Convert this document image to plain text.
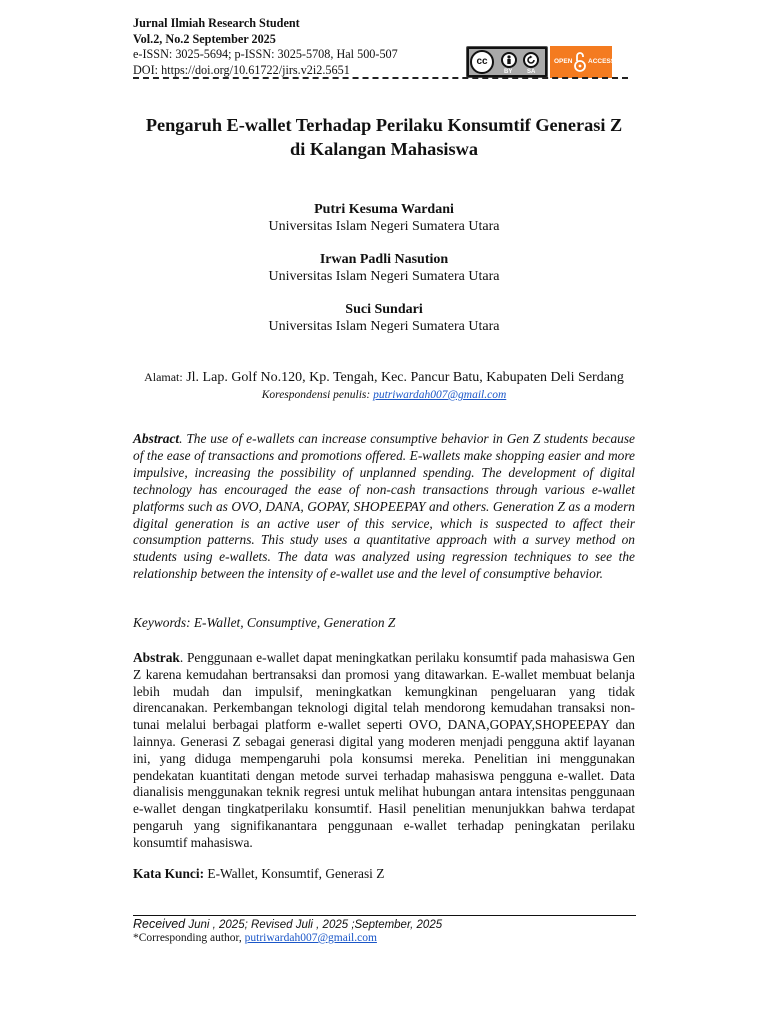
Jurnal Ilmiah Research Student
Vol.2, No.2 September 2025
e-ISSN: 3025-5694; p-ISSN: 3025-5708, Hal 500-507
DOI: https://doi.org/10.61722/jirs.v2i2.5651
cc
BY SA
OPEN ACCESS
Pengaruh E-wallet Terhadap Perilaku Konsumtif Generasi Z
di Kalangan Mahasiswa
Putri Kesuma Wardani
Universitas Islam Negeri Sumatera Utara
Irwan Padli Nasution
Universitas Islam Negeri Sumatera Utara
Suci Sundari
Universitas Islam Negeri Sumatera Utara
Alamat: Jl. Lap. Golf No.120, Kp. Tengah, Kec. Pancur Batu, Kabupaten Deli Serdang
Korespondensi penulis: putriwardah007@gmail.com
Abstract. The use of e-wallets can increase consumptive behavior in Gen Z students because of the ease of transactions and promotions offered. E-wallets make shopping easier and more impulsive, increasing the possibility of unplanned spending. The development of digital technology has encouraged the ease of non-cash transactions through various e-wallet platforms such as OVO, DANA, GOPAY, SHOPEEPAY and others. Generation Z as a modern digital generation is an active user of this service, which is suspected to affect their consumption patterns. This study uses a quantitative approach with a survey method on students using e-wallets. The data was analyzed using regression techniques to see the relationship between the intensity of e-wallet use and the level of consumptive behavior.
Keywords: E-Wallet, Consumptive, Generation Z
Abstrak. Penggunaan e-wallet dapat meningkatkan perilaku konsumtif pada mahasiswa Gen Z karena kemudahan bertransaksi dan promosi yang ditawarkan. E-wallet membuat belanja lebih mudah dan impulsif, meningkatkan kemungkinan pengeluaran yang tidak direncanakan. Perkembangan teknologi digital telah mendorong kemudahan transaksi non-tunai melalui berbagai platform e-wallet seperti OVO, DANA,GOPAY,SHOPEEPAY dan lainnya. Generasi Z sebagai generasi digital yang moderen menjadi pengguna aktif layanan ini, yang diduga mempengaruhi pola konsumsi mereka. Penelitian ini menggunakan pendekatan kuantitati dengan metode survei terhadap mahasiswa pengguna e-wallet. Data dianalisis menggunakan teknik regresi untuk melihat hubungan antara intensitas penggunaan e-wallet dengan tingkatperilaku konsumtif. Hasil penelitian menunjukkan bahwa terdapat pengaruh yang signifikanantara penggunaan e-wallet terhadap peningkatan perilaku konsumtif mahasiswa.
Kata Kunci: E-Wallet, Konsumtif, Generasi Z
Received Juni , 2025; Revised Juli , 2025 ;September, 2025
*Corresponding author, putriwardah007@gmail.com
